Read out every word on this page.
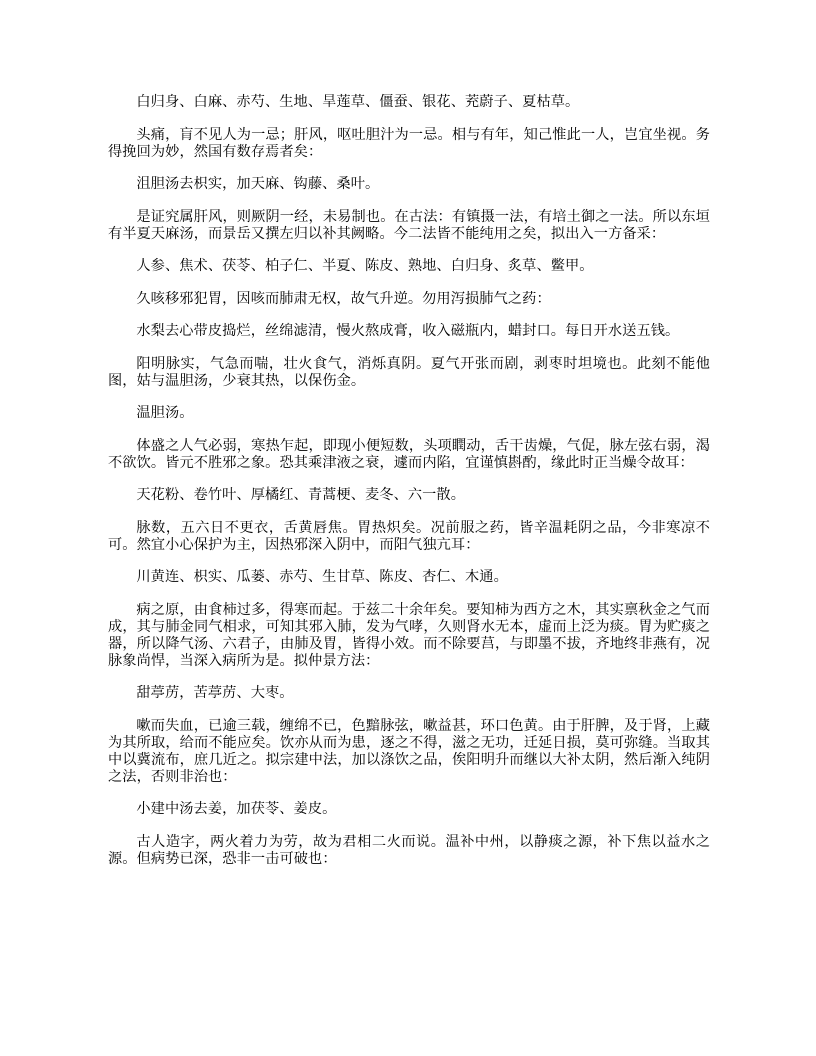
白归身、白麻、赤芍、生地、旱莲草、僵蚕、银花、茺蔚子、夏枯草。

头痛，肓不见人为一忌；肝风，呕吐胆汁为一忌。相与有年，知己惟此一人，岂宜坐视。务得挽回为妙，然国有数存焉者矣：

沮胆汤去枳实，加天麻、钩藤、桑叶。

是证究属肝风，则厥阴一经，未易制也。在古法：有镇摄一法，有培土御之一法。所以东垣有半夏天麻汤，而景岳又撰左归以补其阙略。今二法皆不能纯用之矣，拟出入一方备采：

人参、焦术、茯苓、柏子仁、半夏、陈皮、熟地、白归身、炙草、鳖甲。

久咳移邪犯胃，因咳而肺肃无权，故气升逆。勿用泻损肺气之药：

水梨去心带皮捣烂，丝绵滤清，慢火熬成膏，收入磁瓶内，蜡封口。每日开水送五钱。

阳明脉实，气急而喘，壮火食气，消烁真阴。夏气开张而剧，剥枣时坦境也。此刻不能他图，姑与温胆汤，少衰其热，以保伤金。

温胆汤。

体盛之人气必弱，寒热乍起，即现小便短数，头项瞤动，舌干齿燥，气促，脉左弦右弱，渴不欲饮。皆元不胜邪之象。恐其乘津液之衰，遽而内陷，宜谨慎斟酌，缘此时正当燥令故耳：

天花粉、卷竹叶、厚橘红、青蒿梗、麦冬、六一散。

脉数，五六日不更衣，舌黄唇焦。胃热炽矣。况前服之药，皆辛温耗阴之品，今非寒凉不可。然宜小心保护为主，因热邪深入阴中，而阳气独亢耳：

川黄连、枳实、瓜蒌、赤芍、生甘草、陈皮、杏仁、木通。

病之原，由食柿过多，得寒而起。于兹二十余年矣。要知柿为西方之木，其实禀秋金之气而成，其与肺金同气相求，可知其邪入肺，发为气哮，久则肾水无本，虚而上泛为痰。胃为贮痰之器，所以降气汤、六君子，由肺及胃，皆得小效。而不除要莒，与即墨不拔，齐地终非燕有，况脉象尚悍，当深入病所为是。拟仲景方法：

甜葶苈，苦葶苈、大枣。

嗽而失血，已逾三载，缠绵不已，色黯脉弦，嗽益甚，环口色黄。由于肝脾，及于肾，上藏为其所取，给而不能应矣。饮亦从而为患，逐之不得，滋之无功，迁延日损，莫可弥缝。当取其中以冀流布，庶几近之。拟宗建中法，加以涤饮之品，俟阳明升而继以大补太阴，然后渐入纯阴之法，否则非治也：

小建中汤去姜，加茯苓、姜皮。

古人造字，两火着力为劳，故为君相二火而说。温补中州，以静痰之源，补下焦以益水之源。但病势已深，恐非一击可破也：
